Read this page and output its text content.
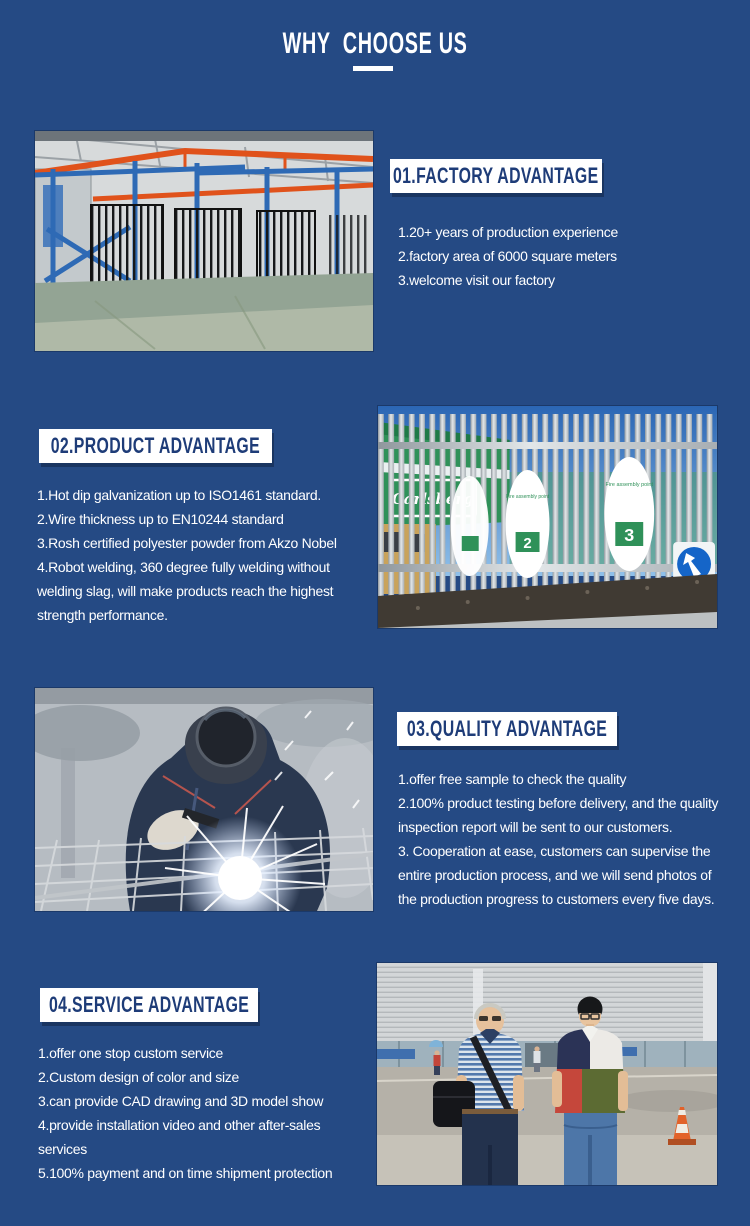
WHY  CHOOSE US
01.FACTORY ADVANTAGE
1.20+ years of production experience
2.factory area of 6000 square meters
3.welcome visit our factory
02.PRODUCT ADVANTAGE
1.Hot dip galvanization up to ISO1461 standard.
2.Wire thickness up to EN10244 standard
3.Rosh certified polyester powder from Akzo Nobel
4.Robot welding, 360 degree fully welding without
welding slag, will make products reach the highest
strength performance.
Fire assembly point
2
Fire assembly point
3
03.QUALITY ADVANTAGE
1.offer free sample to check the quality
2.100% product testing before delivery, and the quality
inspection report will be sent to our customers.
3. Cooperation at ease, customers can supervise the
entire production process, and we will send photos of
the production progress to customers every five days.
04.SERVICE ADVANTAGE
1.offer one stop custom service
2.Custom design of color and size
3.can provide CAD drawing and 3D model show
4.provide installation video and other after-sales
services
5.100% payment and on time shipment protection
